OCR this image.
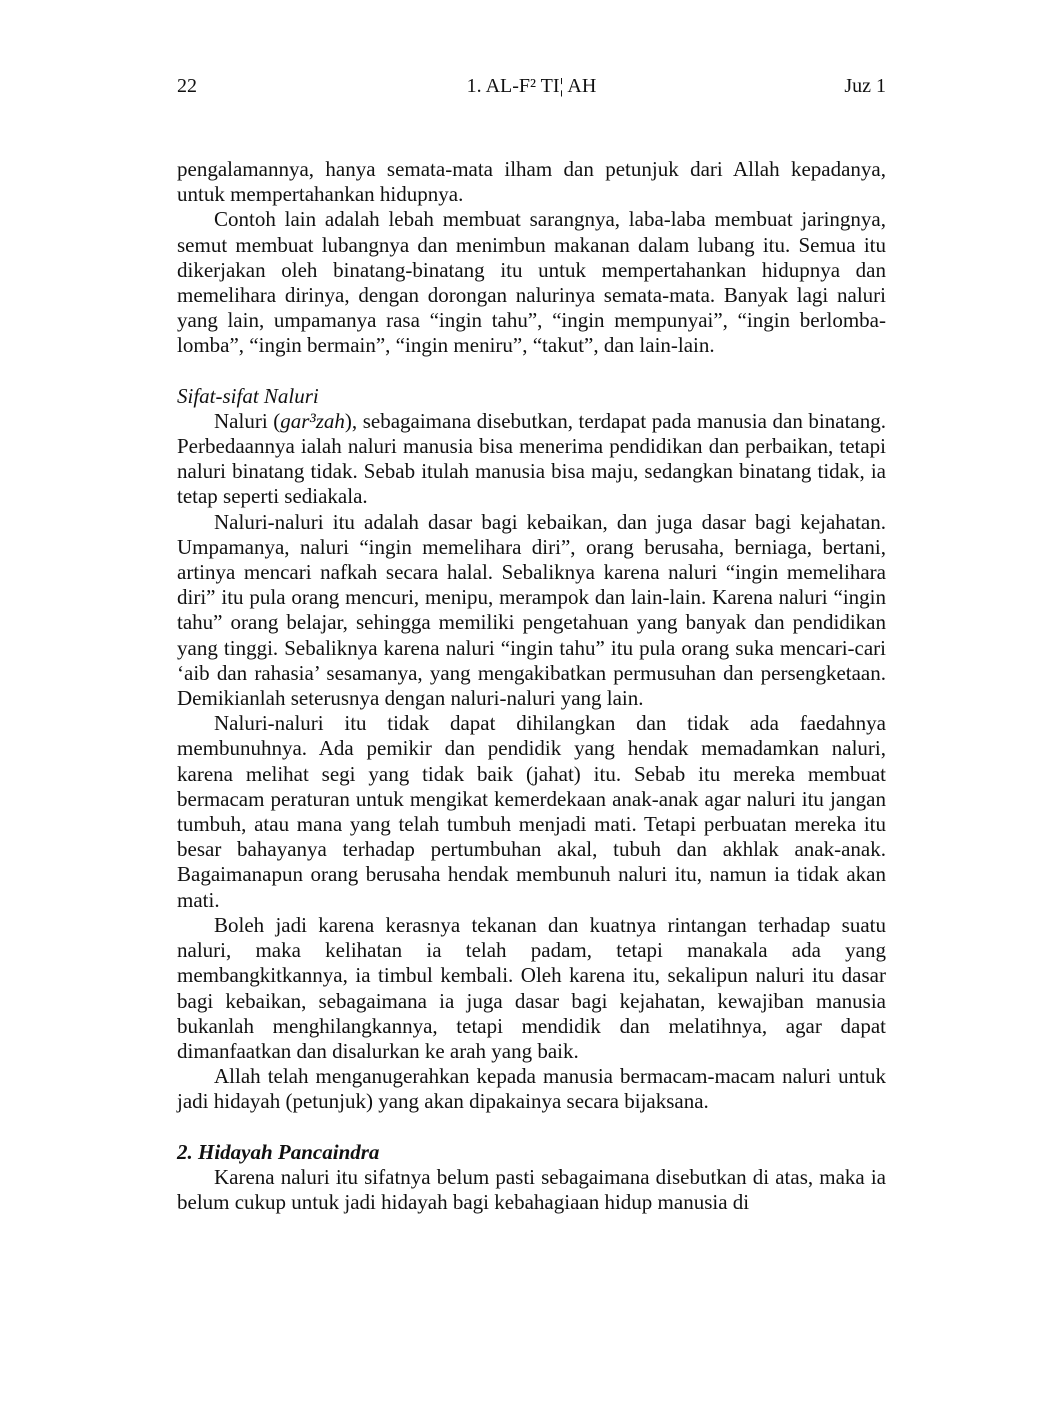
22	1. AL-F² TI¦ AH	Juz 1

pengalamannya, hanya semata-mata ilham dan petunjuk dari Allah kepadanya, untuk mempertahankan hidupnya.

Contoh lain adalah lebah membuat sarangnya, laba-laba membuat jaringnya, semut membuat lubangnya dan menimbun makanan dalam lubang itu. Semua itu dikerjakan oleh binatang-binatang itu untuk mempertahankan hidupnya dan memelihara dirinya, dengan dorongan nalurinya semata-mata. Banyak lagi naluri yang lain, umpamanya rasa “ingin tahu”, “ingin mempunyai”, “ingin berlomba-lomba”, “ingin bermain”, “ingin meniru”, “takut”, dan lain-lain.

Sifat-sifat Naluri

Naluri (gar³zah), sebagaimana disebutkan, terdapat pada manusia dan binatang. Perbedaannya ialah naluri manusia bisa menerima pendidikan dan perbaikan, tetapi naluri binatang tidak. Sebab itulah manusia bisa maju, sedangkan binatang tidak, ia tetap seperti sediakala.

Naluri-naluri itu adalah dasar bagi kebaikan, dan juga dasar bagi kejahatan. Umpamanya, naluri “ingin memelihara diri”, orang berusaha, berniaga, bertani, artinya mencari nafkah secara halal. Sebaliknya karena naluri “ingin memelihara diri” itu pula orang mencuri, menipu, merampok dan lain-lain. Karena naluri “ingin tahu” orang belajar, sehingga memiliki pengetahuan yang banyak dan pendidikan yang tinggi. Sebaliknya karena naluri “ingin tahu” itu pula orang suka mencari-cari ‘aib dan rahasia’ sesamanya, yang mengakibatkan permusuhan dan persengketaan. Demikianlah seterusnya dengan naluri-naluri yang lain.

Naluri-naluri itu tidak dapat dihilangkan dan tidak ada faedahnya membunuhnya. Ada pemikir dan pendidik yang hendak memadamkan naluri, karena melihat segi yang tidak baik (jahat) itu. Sebab itu mereka membuat bermacam peraturan untuk mengikat kemerdekaan anak-anak agar naluri itu jangan tumbuh, atau mana yang telah tumbuh menjadi mati. Tetapi perbuatan mereka itu besar bahayanya terhadap pertumbuhan akal, tubuh dan akhlak anak-anak. Bagaimanapun orang berusaha hendak membunuh naluri itu, namun ia tidak akan mati.

Boleh jadi karena kerasnya tekanan dan kuatnya rintangan terhadap suatu naluri, maka kelihatan ia telah padam, tetapi manakala ada yang membangkitkannya, ia timbul kembali. Oleh karena itu, sekalipun naluri itu dasar bagi kebaikan, sebagaimana ia juga dasar bagi kejahatan, kewajiban manusia bukanlah menghilangkannya, tetapi mendidik dan melatihnya, agar dapat dimanfaatkan dan disalurkan ke arah yang baik.

Allah telah menganugerahkan kepada manusia bermacam-macam naluri untuk jadi hidayah (petunjuk) yang akan dipakainya secara bijaksana.

2. Hidayah Pancaindra

Karena naluri itu sifatnya belum pasti sebagaimana disebutkan di atas, maka ia belum cukup untuk jadi hidayah bagi kebahagiaan hidup manusia di
